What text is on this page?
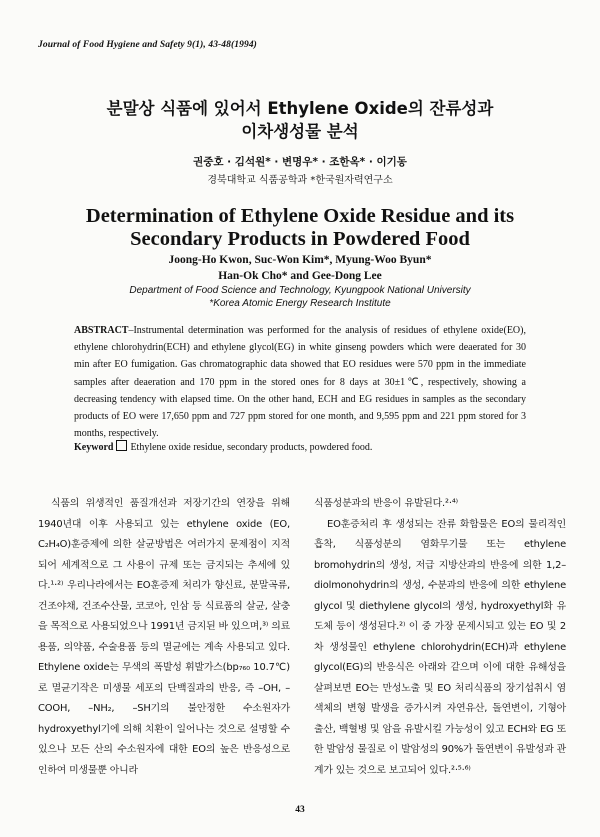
Journal of Food Hygiene and Safety 9(1), 43-48(1994)
분말상 식품에 있어서 Ethylene Oxide의 잔류성과
이차생성물 분석
권중호 · 김석원* · 변명우* · 조한옥* · 이기동
경북대학교 식품공학과 *한국원자력연구소
Determination of Ethylene Oxide Residue and its
Secondary Products in Powdered Food
Joong-Ho Kwon, Suc-Won Kim*, Myung-Woo Byun*
Han-Ok Cho* and Gee-Dong Lee
Department of Food Science and Technology, Kyungpook National University
*Korea Atomic Energy Research Institute
ABSTRACT–Instrumental determination was performed for the analysis of residues of ethylene oxide(EO), ethylene chlorohydrin(ECH) and ethylene glycol(EG) in white ginseng powders which were deaerated for 30 min after EO fumigation. Gas chromatographic data showed that EO residues were 570 ppm in the immediate samples after deaeration and 170 ppm in the stored ones for 8 days at 30±1℃, respectively, showing a decreasing tendency with elapsed time. On the other hand, ECH and EG residues in samples as the secondary products of EO were 17,650 ppm and 727 ppm stored for one month, and 9,595 ppm and 221 ppm stored for 3 months, respectively.
Keyword Ethylene oxide residue, secondary products, powdered food.

식품의 위생적인 품질개선과 저장기간의 연장을 위해 1940년대 이후 사용되고 있는 ethylene oxide (EO, C₂H₄O)훈증제에 의한 살균방법은 여러가지 문제점이 지적되어 세계적으로 그 사용이 규제 또는 금지되는 추세에 있다.¹·²⁾ 우리나라에서는 EO훈증제 처리가 향신료, 분말곡류, 건조야채, 건조수산물, 코코아, 인삼 등 식료품의 살균, 살충을 목적으로 사용되었으나 1991년 금지된 바 있으며,³⁾ 의료용품, 의약품, 수술용품 등의 멸균에는 계속 사용되고 있다. Ethylene oxide는 무색의 폭발성 휘발가스(bp₇₆₀ 10.7℃)로 멸균기작은 미생물 세포의 단백질과의 반응, 즉 –OH, –COOH, –NH₂, –SH기의 불안정한 수소원자가 hydroxyethyl기에 의해 치환이 일어나는 것으로 설명할 수 있으나 모든 산의 수소원자에 대한 EO의 높은 반응성으로 인하여 미생물뿐 아니라

식품성분과의 반응이 유발된다.²·⁴⁾

EO훈증처리 후 생성되는 잔류 화합물은 EO의 물리적인 흡착, 식품성분의 염화무기물 또는 ethylene bromohydrin의 생성, 저급 지방산과의 반응에 의한 1,2–diolmonohydrin의 생성, 수분과의 반응에 의한 ethylene glycol 및 diethylene glycol의 생성, hydroxyethyl화 유도체 등이 생성된다.²⁾ 이 중 가장 문제시되고 있는 EO 및 2차 생성물인 ethylene chlorohydrin(ECH)과 ethylene glycol(EG)의 반응식은 아래와 같으며 이에 대한 유해성을 살펴보면 EO는 만성노출 및 EO 처리식품의 장기섭취시 염색체의 변형 발생을 증가시켜 자연유산, 돌연변이, 기형아 출산, 백혈병 및 암을 유발시킬 가능성이 있고 ECH와 EG 또한 발암성 물질로 이 발암성의 90%가 돌연변이 유발성과 관계가 있는 것으로 보고되어 있다.²·⁵·⁶⁾

43
